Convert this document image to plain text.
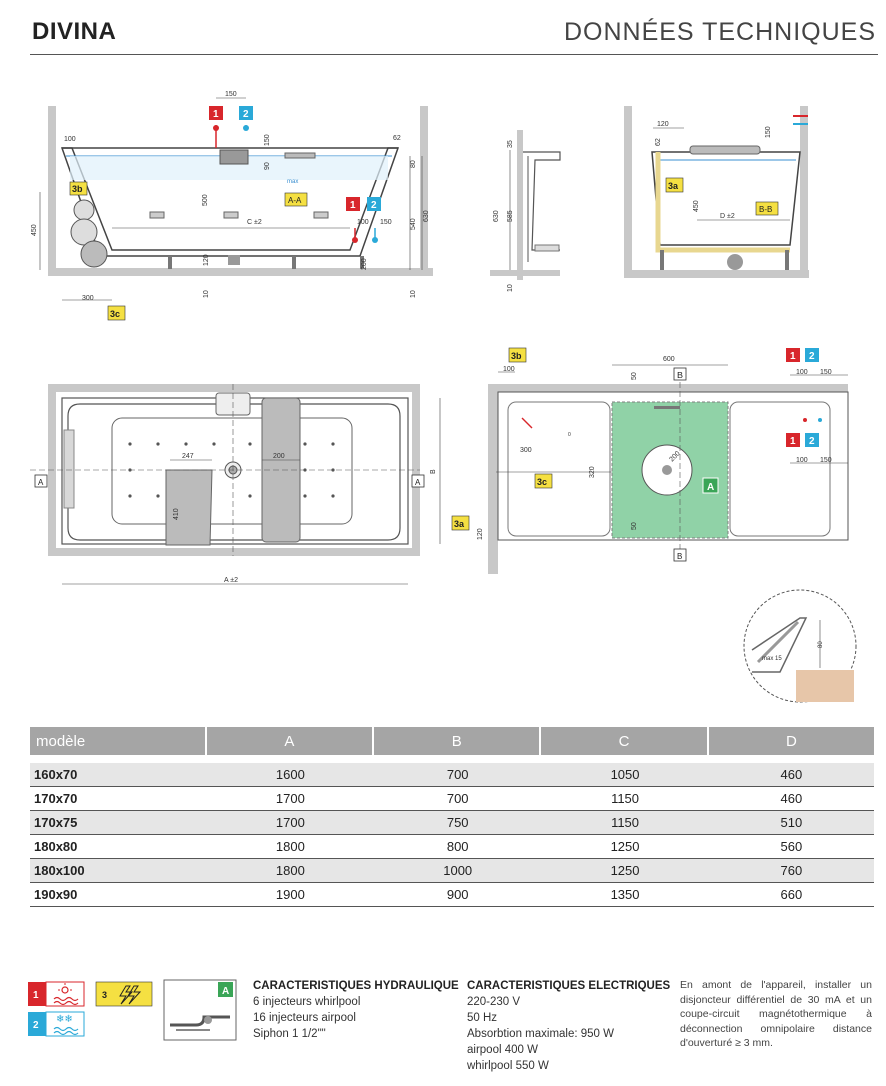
DIVINA	DONNÉES TECHNIQUES
150
100	62
max
C ±2
450
500
150
90
120
10
80
540
630
200
10
100 150
300
A-A
1 2
1 2
3b
3c
35
630 585
10
120
62
150
450
D ±2
B-B
3a
247	200
410
A ±2
B
A	A
600
100	100 150
100 150
300
50
50
320
120
200
0
3b
3c
3a
A
B
B
1 2
1 2
80
max 15
modèle	A	B	C	D

160x70	1600	700	1050	460
170x70	1700	700	1150	460
170x75	1700	750	1150	510
180x80	1800	800	1250	560
180x100	1800	1000	1250	760
190x90	1900	900	1350	660
1
2
❄❄
3	A CARACTERISTIQUES HYDRAULIQUE
6 injecteurs whirlpool
16 injecteurs airpool
Siphon 1 1/2""
CARACTERISTIQUES ELECTRIQUES
220-230 V
50 Hz
Absorbtion maximale: 950 W
airpool 400 W
whirlpool 550 W
En amont de l'appareil, installer un disjoncteur différentiel de 30 mA et un coupe-circuit magnétothermique à déconnection omnipolaire distance d'ouverturé ≥ 3 mm.
